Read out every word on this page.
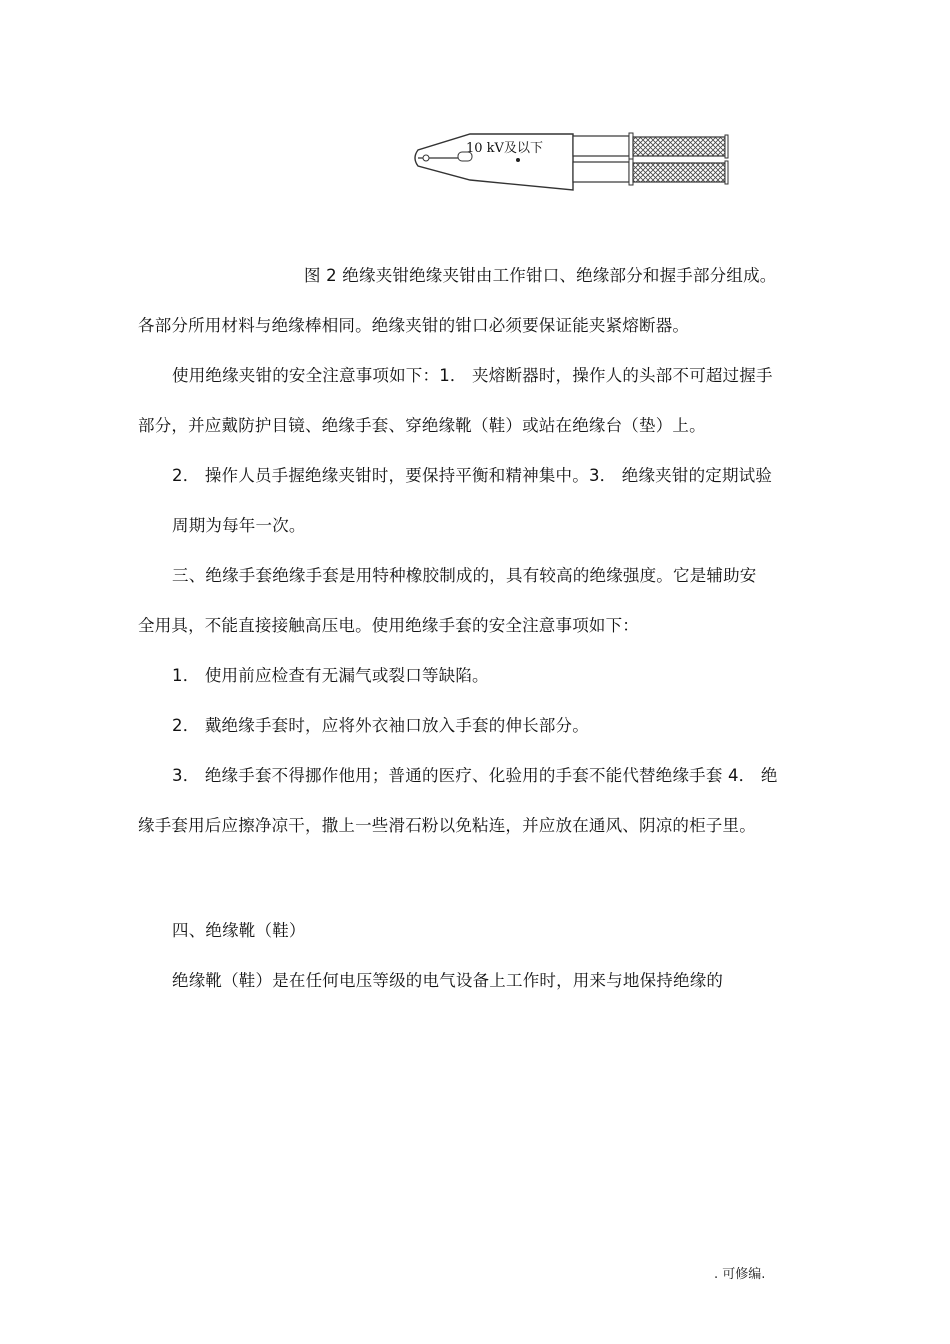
10 kV及以下
图 2 绝缘夹钳绝缘夹钳由工作钳口、绝缘部分和握手部分组成。
各部分所用材料与绝缘棒相同。绝缘夹钳的钳口必须要保证能夹紧熔断器。
使用绝缘夹钳的安全注意事项如下：1． 夹熔断器时，操作人的头部不可超过握手
部分，并应戴防护目镜、绝缘手套、穿绝缘靴（鞋）或站在绝缘台（垫）上。
2． 操作人员手握绝缘夹钳时，要保持平衡和精神集中。3． 绝缘夹钳的定期试验
周期为每年一次。
三、绝缘手套绝缘手套是用特种橡胶制成的，具有较高的绝缘强度。它是辅助安
全用具，不能直接接触高压电。使用绝缘手套的安全注意事项如下：
1． 使用前应检查有无漏气或裂口等缺陷。
2． 戴绝缘手套时，应将外衣袖口放入手套的伸长部分。
3． 绝缘手套不得挪作他用；普通的医疗、化验用的手套不能代替绝缘手套 4． 绝
缘手套用后应擦净凉干，撒上一些滑石粉以免粘连，并应放在通风、阴凉的柜子里。
四、绝缘靴（鞋）
绝缘靴（鞋）是在任何电压等级的电气设备上工作时，用来与地保持绝缘的
. 可修编.
